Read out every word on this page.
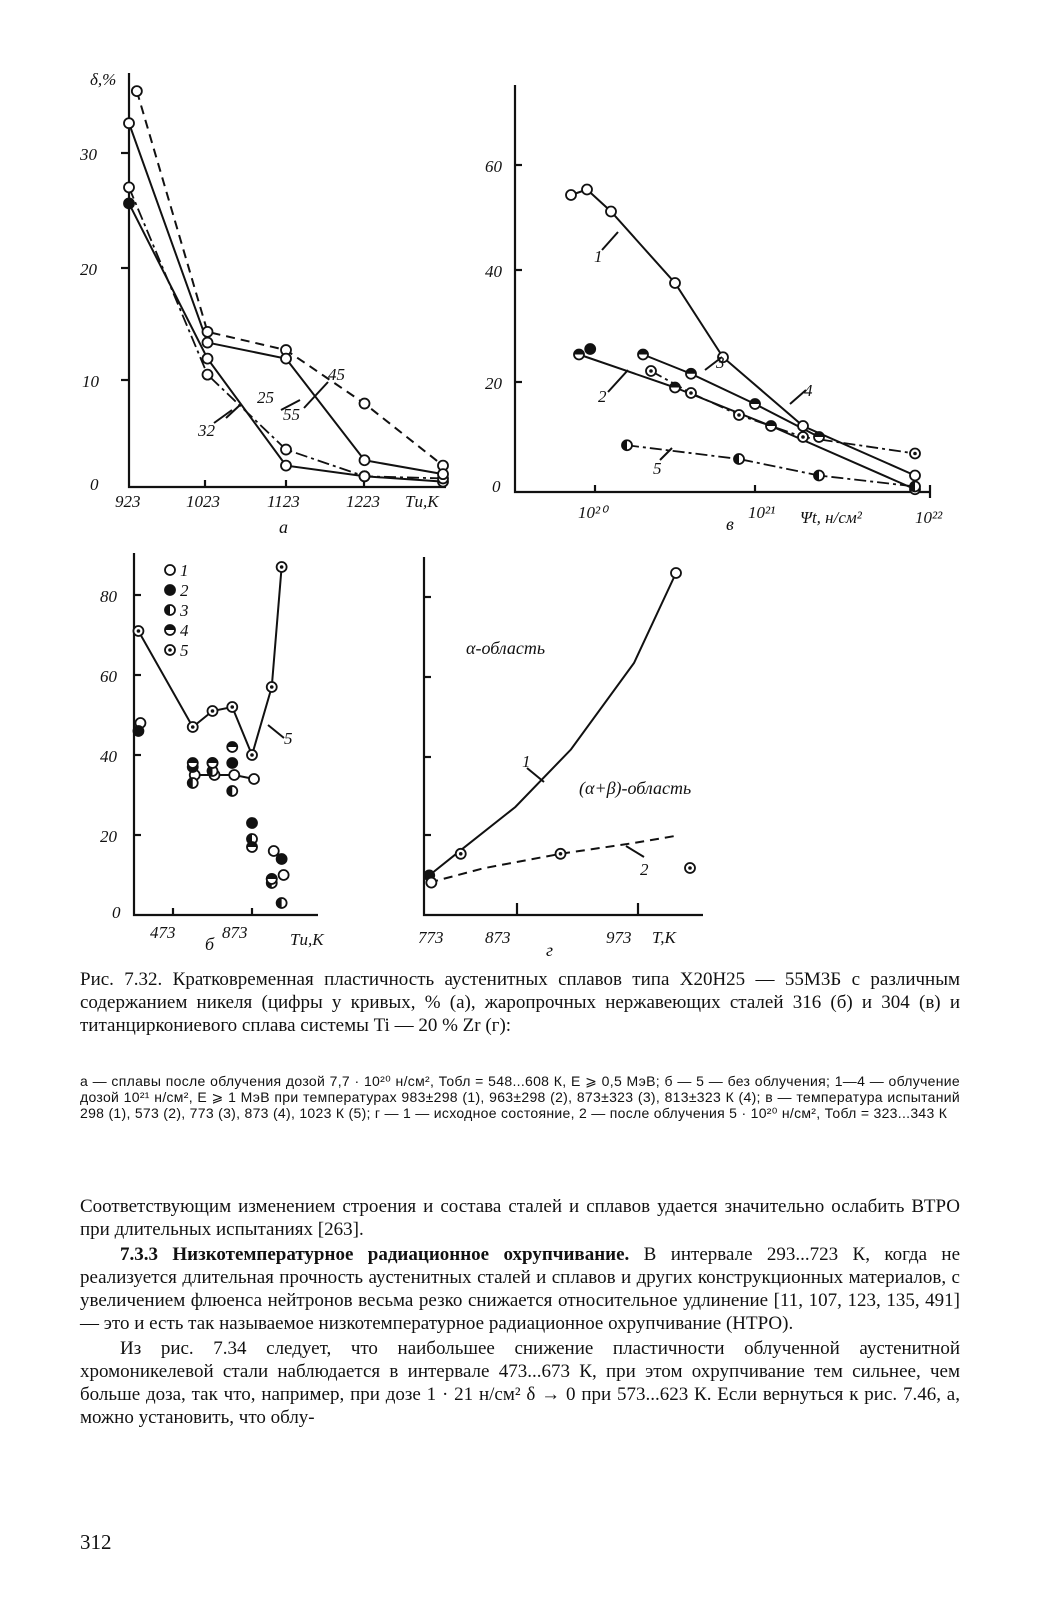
δ,%
30
20
10
0
923	1023	1123	1223 Tи,K
а
45
55
25
32
60
40
20
0
10²⁰	10²¹
в	Ψt, н/см²	10²²
1
2
3
4
5
80
60
40
20
0
473
б
873	Tи,K
1
2
3
4
5
5
773 873
г
973 T,K
α-область
(α+β)-область
1
2
Рис. 7.32. Кратковременная пластичность аустенитных сплавов типа Х20Н25 — 55М3Б с различным содержанием никеля (цифры у кривых, % (а), жаропрочных нержавеющих сталей 316 (б) и 304 (в) и титанциркониевого сплава системы Ti — 20 % Zr (г):
а — сплавы после облучения дозой 7,7 · 10²⁰ н/см², Тобл = 548...608 К, E ⩾ 0,5 МэВ; б — 5 — без облучения; 1—4 — облучение дозой 10²¹ н/см², E ⩾ 1 МэВ при температурах 983±298 (1), 963±298 (2), 873±323 (3), 813±323 К (4); в — температура испытаний 298 (1), 573 (2), 773 (3), 873 (4), 1023 К (5); г — 1 — исходное состояние, 2 — после облучения 5 · 10²⁰ н/см², Тобл = 323...343 К

Соответствующим изменением строения и состава сталей и сплавов удается значительно ослабить ВТРО при длительных испытаниях [263].

7.3.3 Низкотемпературное радиационное охрупчивание. В интервале 293...723 К, когда не реализуется длительная прочность аустенитных сталей и сплавов и других конструкционных материалов, с увеличением флюенса нейтронов весьма резко снижается относительное удлинение [11, 107, 123, 135, 491] — это и есть так называемое низкотемпературное радиационное охрупчивание (НТРО).

Из рис. 7.34 следует, что наибольшее снижение пластичности облученной аустенитной хромоникелевой стали наблюдается в интервале 473...673 К, при этом охрупчивание тем сильнее, чем больше доза, так что, например, при дозе 1 · 21 н/см² δ → 0 при 573...623 К. Если вернуться к рис. 7.46, а, можно установить, что облу-

312
